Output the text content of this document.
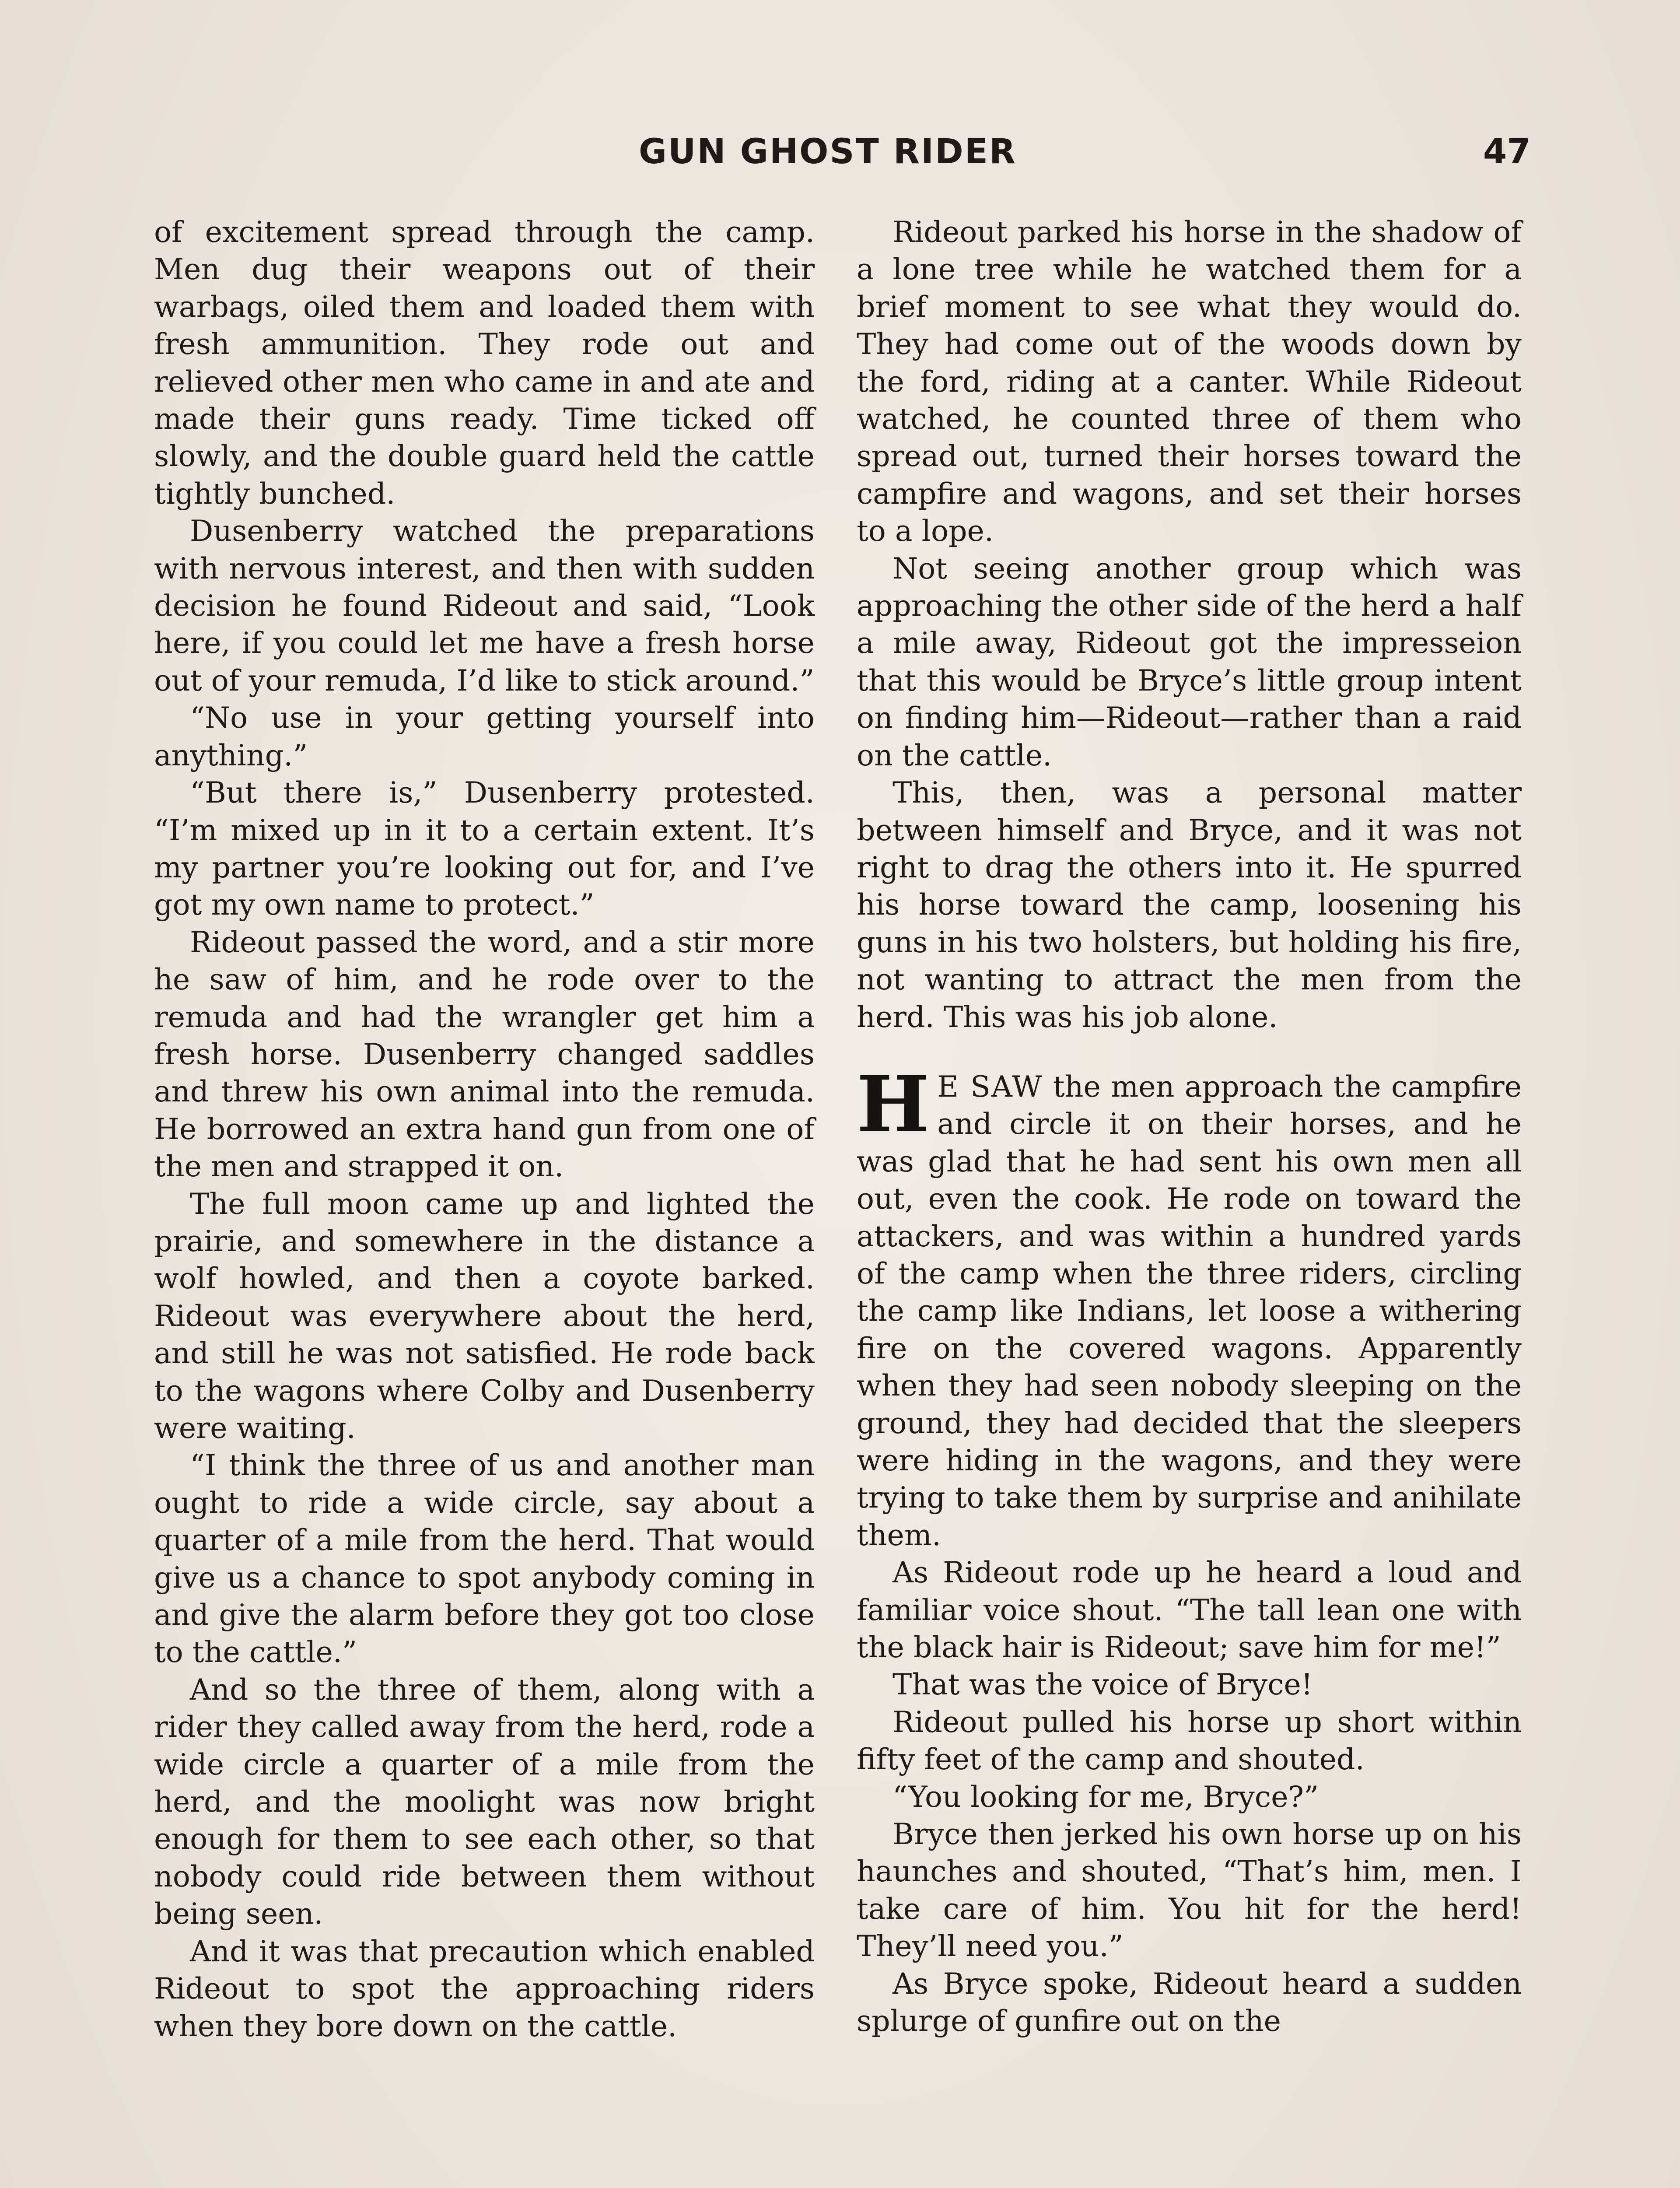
GUN GHOST RIDER	47

of excitement spread through the camp. Men dug their weapons out of their warbags, oiled them and loaded them with fresh ammunition. They rode out and relieved other men who came in and ate and made their guns ready. Time ticked off slowly, and the double guard held the cattle tightly bunched.

Dusenberry watched the preparations with nervous interest, and then with sudden decision he found Rideout and said, “Look here, if you could let me have a fresh horse out of your remuda, I’d like to stick around.”

“No use in your getting yourself into anything.”

“But there is,” Dusenberry protested. “I’m mixed up in it to a certain extent. It’s my partner you’re looking out for, and I’ve got my own name to protect.”

Rideout passed the word, and a stir more he saw of him, and he rode over to the remuda and had the wrangler get him a fresh horse. Dusenberry changed saddles and threw his own animal into the remuda. He borrowed an extra hand gun from one of the men and strapped it on.

The full moon came up and lighted the prairie, and somewhere in the distance a wolf howled, and then a coyote barked. Rideout was everywhere about the herd, and still he was not satisfied. He rode back to the wagons where Colby and Dusenberry were waiting.

“I think the three of us and another man ought to ride a wide circle, say about a quarter of a mile from the herd. That would give us a chance to spot anybody coming in and give the alarm before they got too close to the cattle.”

And so the three of them, along with a rider they called away from the herd, rode a wide circle a quarter of a mile from the herd, and the moolight was now bright enough for them to see each other, so that nobody could ride between them without being seen.

And it was that precaution which enabled Rideout to spot the approaching riders when they bore down on the cattle.

Rideout parked his horse in the shadow of a lone tree while he watched them for a brief moment to see what they would do. They had come out of the woods down by the ford, riding at a canter. While Rideout watched, he counted three of them who spread out, turned their horses toward the campfire and wagons, and set their horses to a lope.

Not seeing another group which was approaching the other side of the herd a half a mile away, Rideout got the impresseion that this would be Bryce’s little group intent on finding him—Rideout—rather than a raid on the cattle.

This, then, was a personal matter between himself and Bryce, and it was not right to drag the others into it. He spurred his horse toward the camp, loosening his guns in his two holsters, but holding his fire, not wanting to attract the men from the herd. This was his job alone.

H E SAW the men approach the campfire and circle it on their horses, and he was glad that he had sent his own men all out, even the cook. He rode on toward the attackers, and was within a hundred yards of the camp when the three riders, circling the camp like Indians, let loose a withering fire on the covered wagons. Apparently when they had seen nobody sleeping on the ground, they had decided that the sleepers were hiding in the wagons, and they were trying to take them by surprise and anihilate them.

As Rideout rode up he heard a loud and familiar voice shout. “The tall lean one with the black hair is Rideout; save him for me!”

That was the voice of Bryce!

Rideout pulled his horse up short within fifty feet of the camp and shouted.

“You looking for me, Bryce?”

Bryce then jerked his own horse up on his haunches and shouted, “That’s him, men. I take care of him. You hit for the herd! They’ll need you.”

As Bryce spoke, Rideout heard a sudden splurge of gunfire out on the
